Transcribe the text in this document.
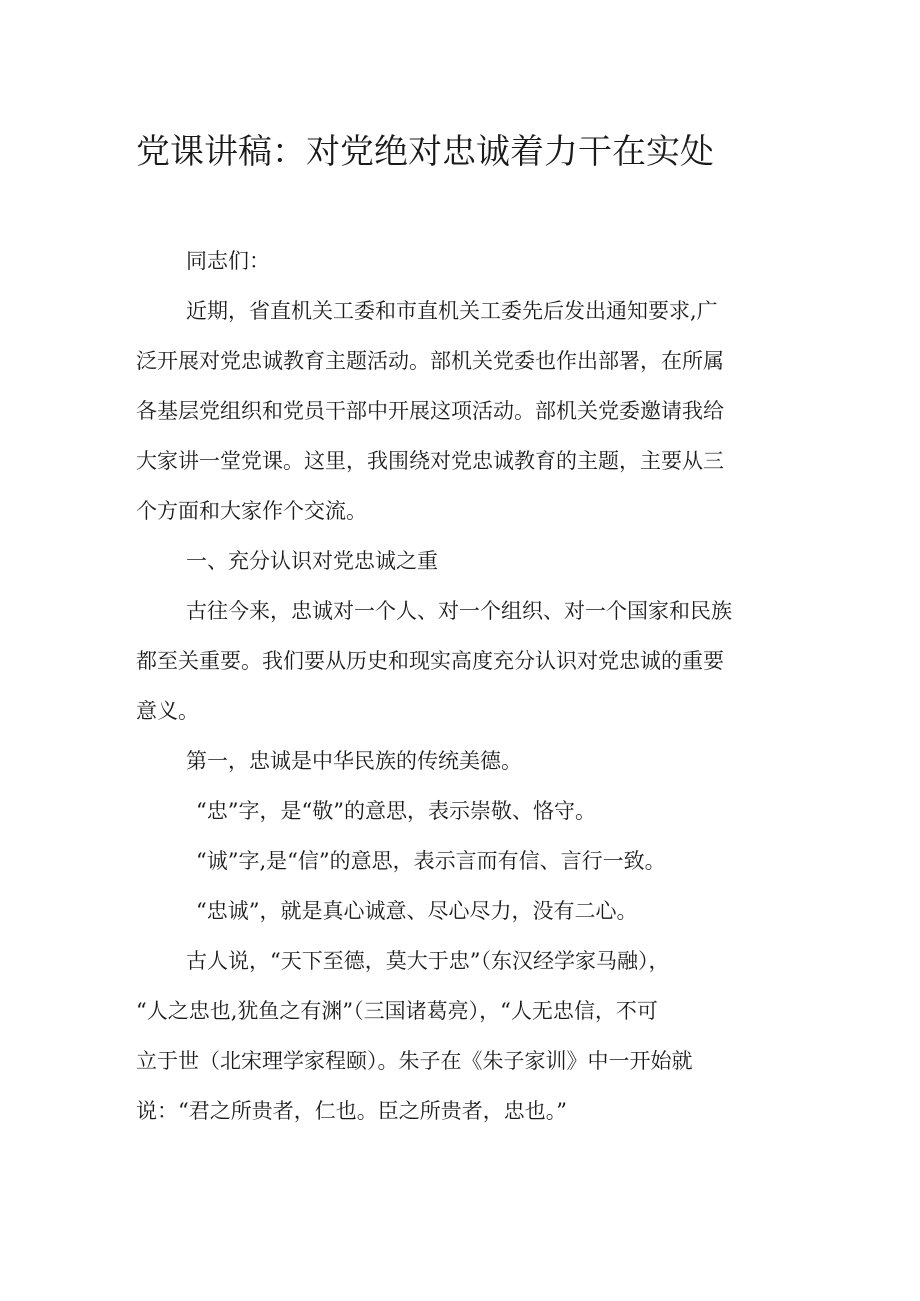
党课讲稿：对党绝对忠诚着力干在实处
同志们：
近期，省直机关工委和市直机关工委先后发出通知要求,广
泛开展对党忠诚教育主题活动。部机关党委也作出部署，在所属
各基层党组织和党员干部中开展这项活动。部机关党委邀请我给
大家讲一堂党课。这里，我围绕对党忠诚教育的主题，主要从三
个方面和大家作个交流。
一、充分认识对党忠诚之重
古往今来，忠诚对一个人、对一个组织、对一个国家和民族
都至关重要。我们要从历史和现实高度充分认识对党忠诚的重要
意义。
第一，忠诚是中华民族的传统美德。
“忠”字，是“敬”的意思，表示崇敬、恪守。
“诚”字,是“信”的意思，表示言而有信、言行一致。
“忠诚”，就是真心诚意、尽心尽力，没有二心。
古人说，“天下至德，莫大于忠”（东汉经学家马融），
“人之忠也,犹鱼之有渊”（三国诸葛亮），“人无忠信，不可
立于世（北宋理学家程颐）。朱子在《朱子家训》中一开始就
说：“君之所贵者，仁也。臣之所贵者，忠也。”
